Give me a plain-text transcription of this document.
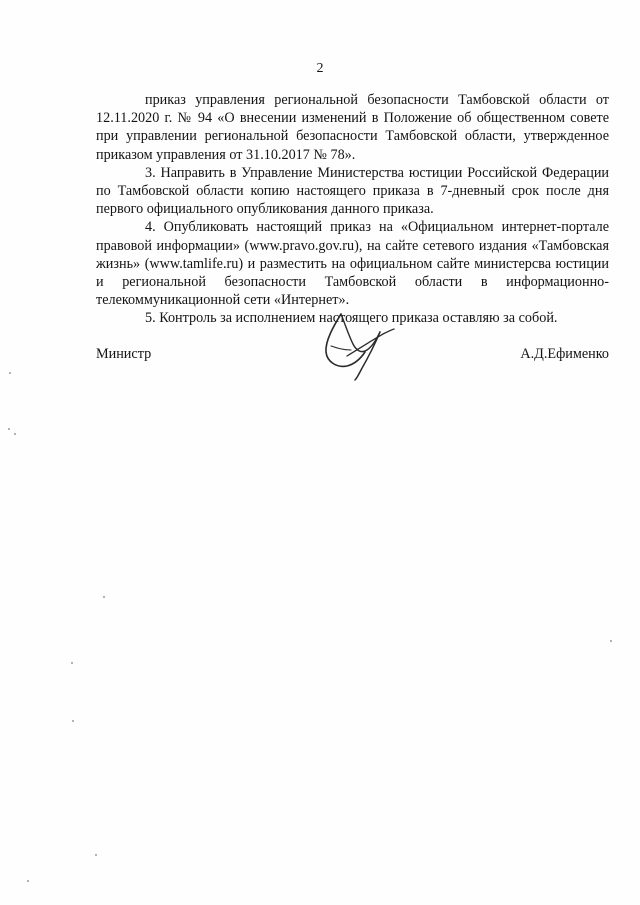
2

приказ управления региональной безопасности Тамбовской области от 12.11.2020 г. № 94 «О внесении изменений в Положение об общественном совете при управлении региональной безопасности Тамбовской области, утвержденное приказом управления от 31.10.2017 № 78».

3. Направить в Управление Министерства юстиции Российской Федерации по Тамбовской области копию настоящего приказа в 7-дневный срок после дня первого официального опубликования данного приказа.

4. Опубликовать настоящий приказ на «Официальном интернет-портале правовой информации» (www.pravo.gov.ru), на сайте сетевого издания «Тамбовская жизнь» (www.tamlife.ru) и разместить на официальном сайте министерсва юстиции и региональной безопасности Тамбовской области в информационно- телекоммуникационной сети «Интернет».

5. Контроль за исполнением настоящего приказа оставляю за собой.

Министр	А.Д.Ефименко
